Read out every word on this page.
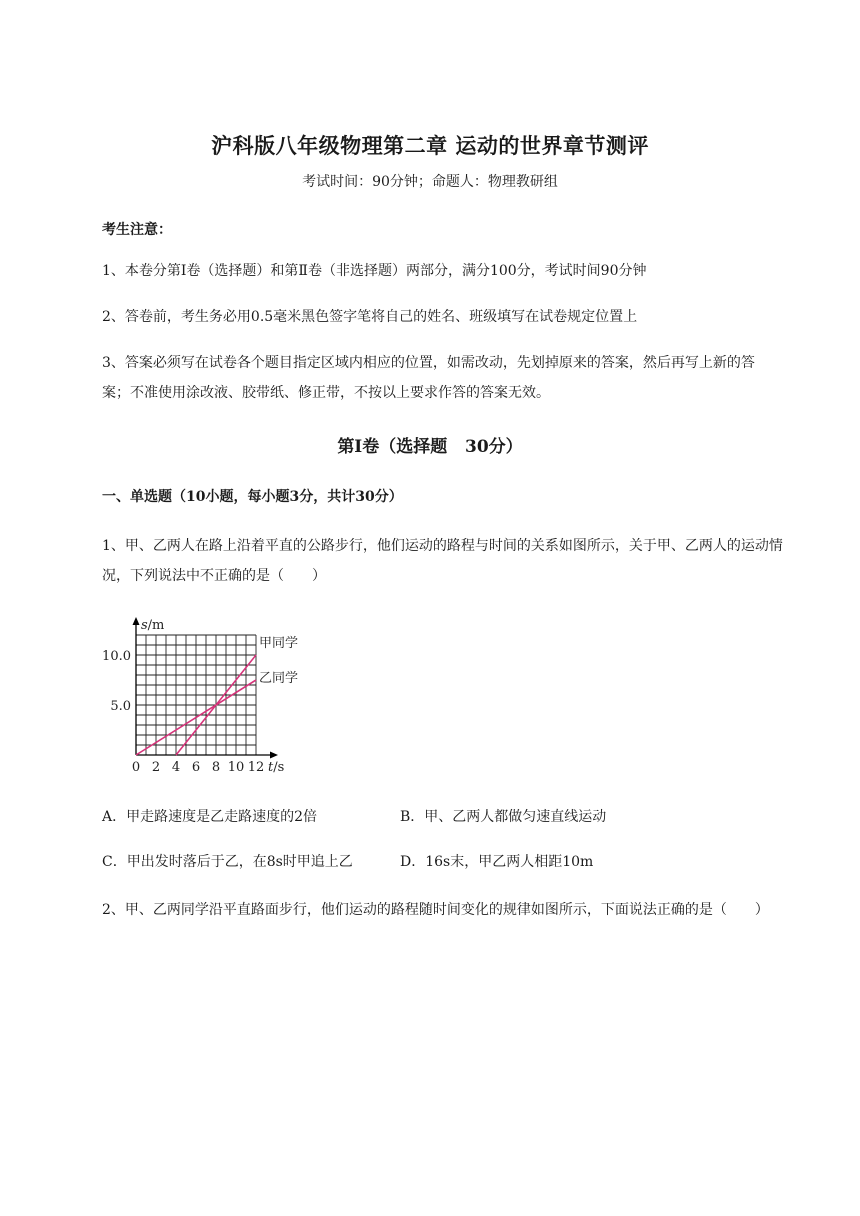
沪科版八年级物理第二章 运动的世界章节测评
考试时间：90分钟；命题人：物理教研组
考生注意：
1、本卷分第Ⅰ卷（选择题）和第Ⅱ卷（非选择题）两部分，满分100分，考试时间90分钟
2、答卷前，考生务必用0.5毫米黑色签字笔将自己的姓名、班级填写在试卷规定位置上
3、答案必须写在试卷各个题目指定区域内相应的位置，如需改动，先划掉原来的答案，然后再写上新的答案；不准使用涂改液、胶带纸、修正带，不按以上要求作答的答案无效。
第Ⅰ卷（选择题   30分）
一、单选题（10小题，每小题3分，共计30分）
1、甲、乙两人在路上沿着平直的公路步行，他们运动的路程与时间的关系如图所示，关于甲、乙两人的运动情况，下列说法中不正确的是（　　）
甲同学
乙同学
0 2 4 6 8 10 12
5.0
10.0
s/m
t/s
A．甲走路速度是乙走路速度的2倍	B．甲、乙两人都做匀速直线运动
C．甲出发时落后于乙，在8s时甲追上乙	D．16s末，甲乙两人相距10m
2、甲、乙两同学沿平直路面步行，他们运动的路程随时间变化的规律如图所示，下面说法正确的是（　　）
